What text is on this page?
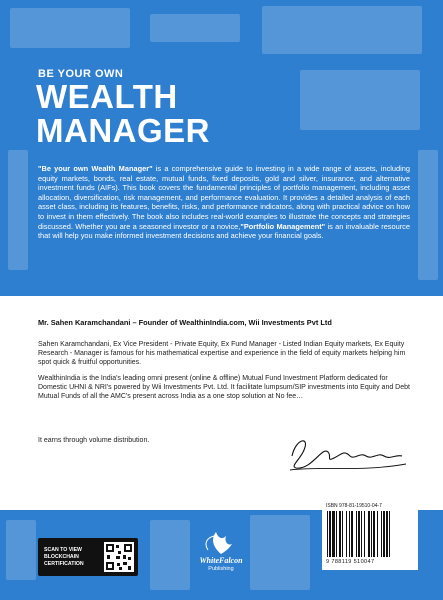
BE YOUR OWN
WEALTH
MANAGER
"Be your own Wealth Manager" is a comprehensive guide to investing in a wide range of assets, including equity markets, bonds, real estate, mutual funds, fixed deposits, gold and silver, insurance, and alternative investment funds (AIFs). This book covers the fundamental principles of portfolio management, including asset allocation, diversification, risk management, and performance evaluation. It provides a detailed analysis of each asset class, including its features, benefits, risks, and performance indicators, along with practical advice on how to invest in them effectively. The book also includes real-world examples to illustrate the concepts and strategies discussed. Whether you are a seasoned investor or a novice,"Portfolio Management" is an invaluable resource that will help you make informed investment decisions and achieve your financial goals.
Mr. Sahen Karamchandani – Founder of WealthinIndia.com, Wii Investments Pvt Ltd
Sahen Karamchandani, Ex Vice President - Private Equity, Ex Fund Manager - Listed Indian Equity markets, Ex Equity Research - Manager is famous for his mathematical expertise and experience in the field of equity markets helping him spot quick & fruitful opportunities.
WealthinIndia is the India's leading omni present (online & offline) Mutual Fund Investment Platform dedicated for Domestic UHNI & NRI's powered by Wii Investments Pvt. Ltd. It facilitate lumpsum/SIP investments into Equity and Debt Mutual Funds of all the AMC's present across India as a one stop solution at No fee…
It earns through volume distribution.
SCAN TO VIEW BLOCKCHAIN CERTIFICATION	WhiteFalcon
Publishing
ISBN 978-81-19510-04-7
9 788119 510047
